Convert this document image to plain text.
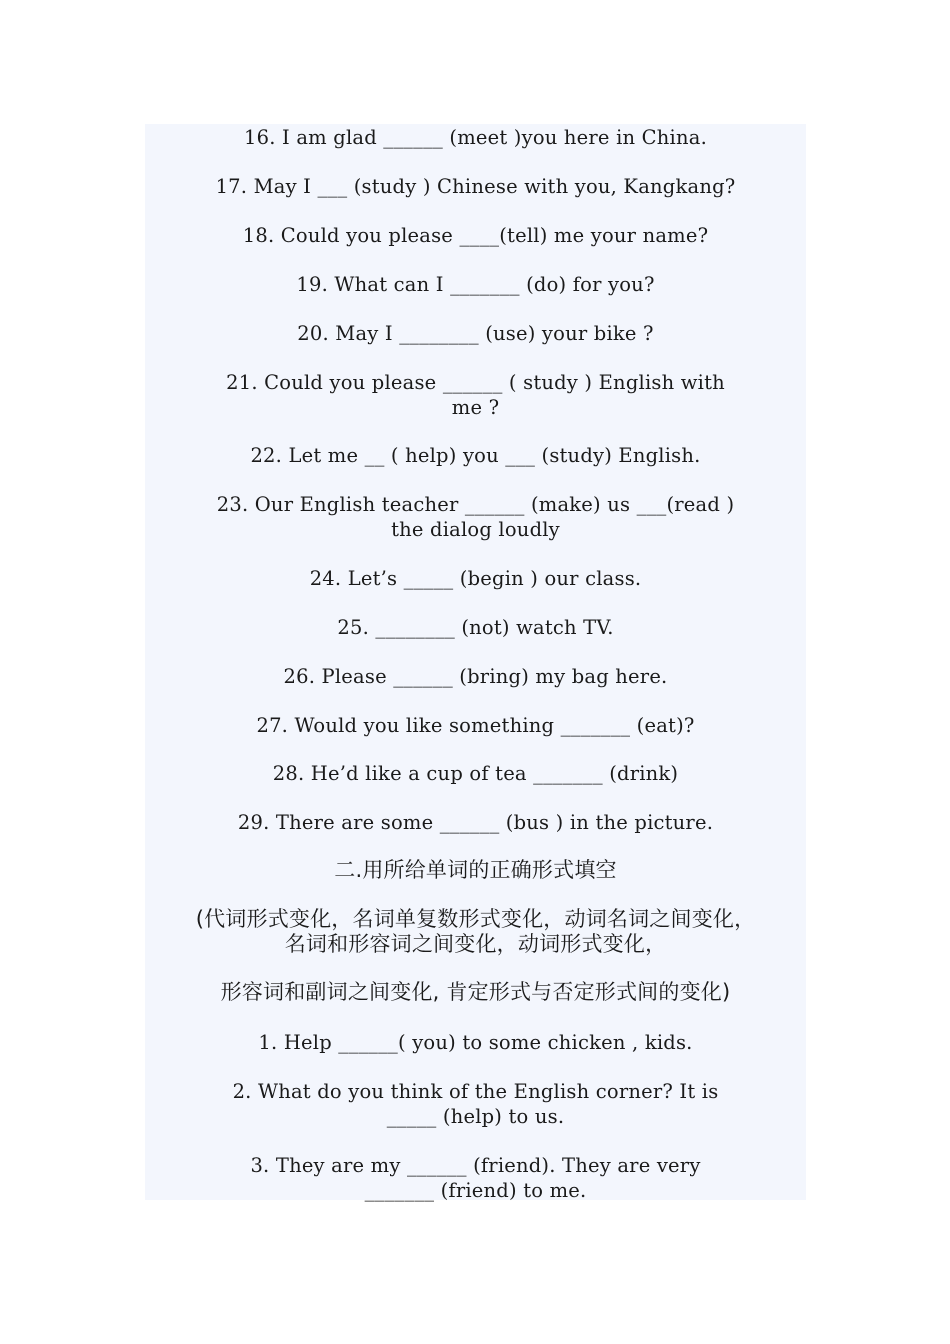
16. I am glad ______ (meet )you here in China.
17. May I ___ (study ) Chinese with you, Kangkang?
18. Could you please ____(tell) me your name?
19. What can I _______ (do) for you?
20. May I ________ (use) your bike ?
21. Could you please ______ ( study ) English with
me ?
22. Let me __ ( help) you ___ (study) English.
23. Our English teacher ______ (make) us ___(read )
the dialog loudly
24. Let’s _____ (begin ) our class.
25. ________ (not) watch TV.
26. Please ______ (bring) my bag here.
27. Would you like something _______ (eat)?
28. He’d like a cup of tea _______ (drink)
29. There are some ______ (bus ) in the picture.
二.用所给单词的正确形式填空
(代词形式变化，名词单复数形式变化，动词名词之间变化，
名词和形容词之间变化，动词形式变化，
形容词和副词之间变化, 肯定形式与否定形式间的变化)
1. Help ______( you) to some chicken , kids.
2. What do you think of the English corner? It is
_____ (help) to us.
3. They are my ______ (friend). They are very
_______ (friend) to me.
